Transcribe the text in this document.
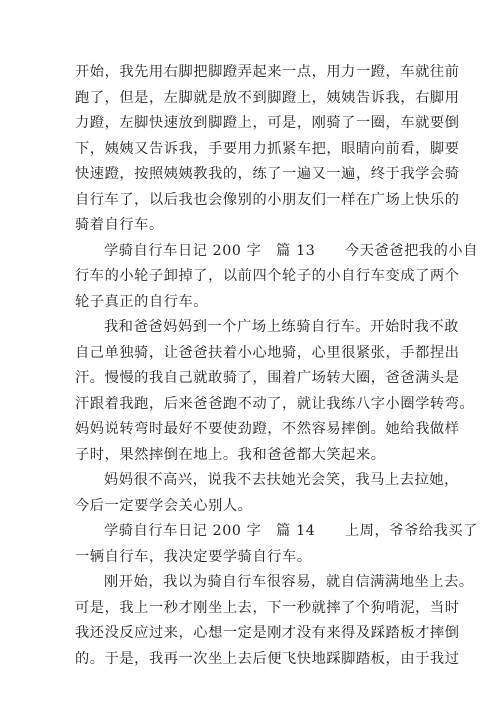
开始，我先用右脚把脚蹬弄起来一点，用力一蹬，车就往前
跑了，但是，左脚就是放不到脚蹬上，姨姨告诉我，右脚用
力蹬，左脚快速放到脚蹬上，可是，刚骑了一圈，车就要倒
下，姨姨又告诉我，手要用力抓紧车把，眼睛向前看，脚要
快速蹬，按照姨姨教我的，练了一遍又一遍，终于我学会骑
自行车了，以后我也会像别的小朋友们一样在广场上快乐的
骑着自行车。
学骑自行车日记 200 字　篇 13　　今天爸爸把我的小自
行车的小轮子卸掉了，以前四个轮子的小自行车变成了两个
轮子真正的自行车。
我和爸爸妈妈到一个广场上练骑自行车。开始时我不敢
自己单独骑，让爸爸扶着小心地骑，心里很紧张，手都捏出
汗。慢慢的我自己就敢骑了，围着广场转大圈，爸爸满头是
汗跟着我跑，后来爸爸跑不动了，就让我练八字小圈学转弯。
妈妈说转弯时最好不要使劲蹬，不然容易摔倒。她给我做样
子时，果然摔倒在地上。我和爸爸都大笑起来。
妈妈很不高兴，说我不去扶她光会笑，我马上去拉她，
今后一定要学会关心别人。
学骑自行车日记 200 字　篇 14　　上周，爷爷给我买了
一辆自行车，我决定要学骑自行车。
刚开始，我以为骑自行车很容易，就自信满满地坐上去。
可是，我上一秒才刚坐上去，下一秒就摔了个狗啃泥，当时
我还没反应过来，心想一定是刚才没有来得及踩踏板才摔倒
的。于是，我再一次坐上去后便飞快地踩脚踏板，由于我过
